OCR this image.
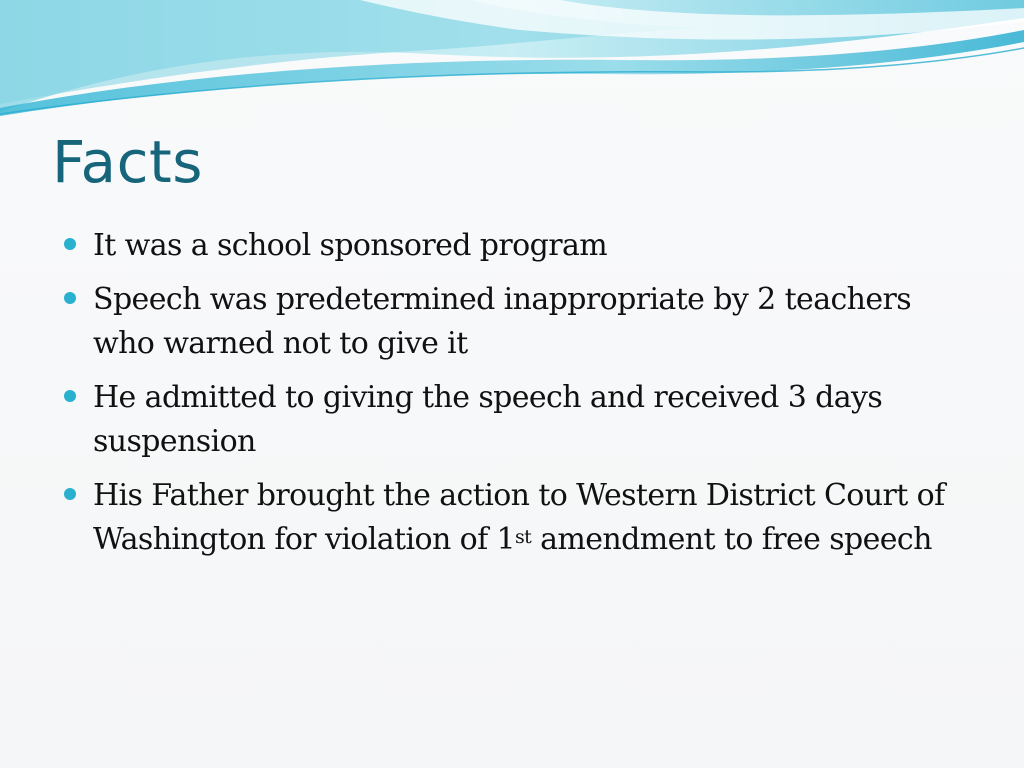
Facts
It was a school sponsored program
Speech was predetermined inappropriate by 2 teachers who warned not to give it
He admitted to giving the speech and received 3 days suspension
His Father brought the action to Western District Court of Washington for violation of 1st amendment to free speech
